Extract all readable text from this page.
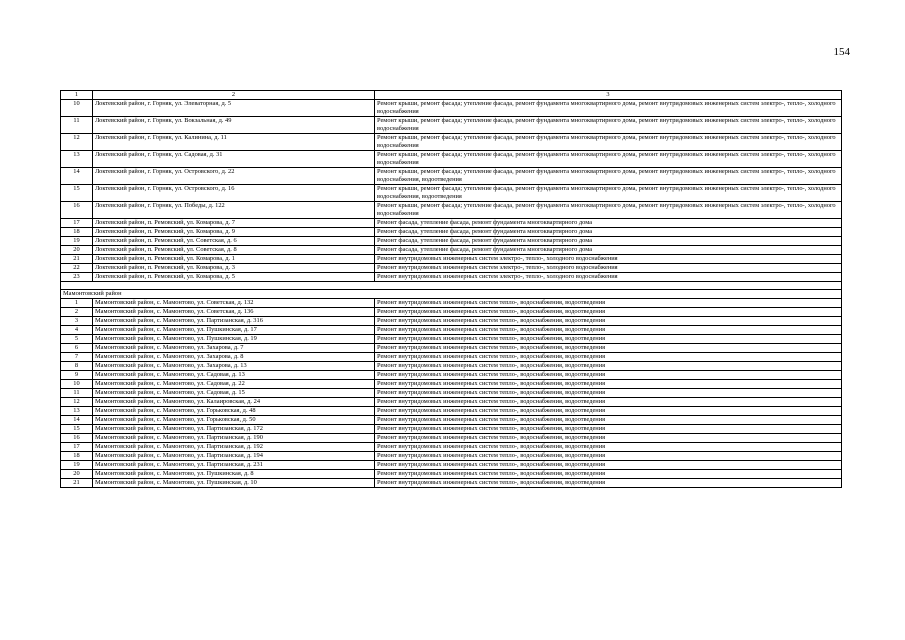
154
1	2	3
10	Локтевский район, г. Горняк, ул. Элеваторная, д. 5	Ремонт крыши, ремонт фасада; утепление фасада, ремонт фундамента многоквартирного дома, ремонт внутридомовых инженерных систем электро-, тепло-, холодного водоснабжения
11	Локтевский район, г. Горняк, ул. Вокзальная, д. 49	Ремонт крыши, ремонт фасада; утепление фасада, ремонт фундамента многоквартирного дома, ремонт внутридомовых инженерных систем электро-, тепло-, холодного водоснабжения
12	Локтевский район, г. Горняк, ул. Калинина, д. 11	Ремонт крыши, ремонт фасада; утепление фасада, ремонт фундамента многоквартирного дома, ремонт внутридомовых инженерных систем электро-, тепло-, холодного водоснабжения
13	Локтевский район, г. Горняк, ул. Садовая, д. 31	Ремонт крыши, ремонт фасада; утепление фасада, ремонт фундамента многоквартирного дома, ремонт внутридомовых инженерных систем электро-, тепло-, холодного водоснабжения
14	Локтевский район, г. Горняк, ул. Островского, д. 22	Ремонт крыши, ремонт фасада; утепление фасада, ремонт фундамента многоквартирного дома, ремонт внутридомовых инженерных систем электро-, тепло-, холодного водоснабжения, водоотведения
15	Локтевский район, г. Горняк, ул. Островского, д. 16	Ремонт крыши, ремонт фасада; утепление фасада, ремонт фундамента многоквартирного дома, ремонт внутридомовых инженерных систем электро-, тепло-, холодного водоснабжения, водоотведения
16	Локтевский район, г. Горняк, ул. Победы, д. 122	Ремонт крыши, ремонт фасада; утепление фасада, ремонт фундамента многоквартирного дома, ремонт внутридомовых инженерных систем электро-, тепло-, холодного водоснабжения
17	Локтевский район, п. Ремовский, ул. Комарова, д. 7	Ремонт фасада, утепление фасада, ремонт фундамента многоквартирного дома
18	Локтевский район, п. Ремовский, ул. Комарова, д. 9	Ремонт фасада, утепление фасада, ремонт фундамента многоквартирного дома
19	Локтевский район, п. Ремовский, ул. Советская, д. 6	Ремонт фасада, утепление фасада, ремонт фундамента многоквартирного дома
20	Локтевский район, п. Ремовский, ул. Советская, д. 8	Ремонт фасада, утепление фасада, ремонт фундамента многоквартирного дома
21	Локтевский район, п. Ремовский, ул. Комарова, д. 1	Ремонт внутридомовых инженерных систем электро-, тепло-, холодного водоснабжения
22	Локтевский район, п. Ремовский, ул. Комарова, д. 3	Ремонт внутридомовых инженерных систем электро-, тепло-, холодного водоснабжения
23	Локтевский район, п. Ремовский, ул. Комарова, д. 5	Ремонт внутридомовых инженерных систем электро-, тепло-, холодного водоснабжения

Мамонтовский район		
1	Мамонтовский район, с. Мамонтово, ул. Советская, д. 132	Ремонт внутридомовых инженерных систем тепло-, водоснабжения, водоотведения
2	Мамонтовский район, с. Мамонтово, ул. Советская, д. 136	Ремонт внутридомовых инженерных систем тепло-, водоснабжения, водоотведения
3	Мамонтовский район, с. Мамонтово, ул. Партизанская, д. 316	Ремонт внутридомовых инженерных систем тепло-, водоснабжения, водоотведения
4	Мамонтовский район, с. Мамонтово, ул. Пушкинская, д. 17	Ремонт внутридомовых инженерных систем тепло-, водоснабжения, водоотведения
5	Мамонтовский район, с. Мамонтово, ул. Пушкинская, д. 19	Ремонт внутридомовых инженерных систем тепло-, водоснабжения, водоотведения
6	Мамонтовский район, с. Мамонтово, ул. Захарова, д. 7	Ремонт внутридомовых инженерных систем тепло-, водоснабжения, водоотведения
7	Мамонтовский район, с. Мамонтово, ул. Захарова, д. 8	Ремонт внутридомовых инженерных систем тепло-, водоснабжения, водоотведения
8	Мамонтовский район, с. Мамонтово, ул. Захарова, д. 13	Ремонт внутридомовых инженерных систем тепло-, водоснабжения, водоотведения
9	Мамонтовский район, с. Мамонтово, ул. Садовая, д. 13	Ремонт внутридомовых инженерных систем тепло-, водоснабжения, водоотведения
10	Мамонтовский район, с. Мамонтово, ул. Садовая, д. 22	Ремонт внутридомовых инженерных систем тепло-, водоснабжения, водоотведения
11	Мамонтовский район, с. Мамонтово, ул. Садовая, д. 15	Ремонт внутридомовых инженерных систем тепло-, водоснабжения, водоотведения
12	Мамонтовский район, с. Мамонтово, ул. Калаировская, д. 24	Ремонт внутридомовых инженерных систем тепло-, водоснабжения, водоотведения
13	Мамонтовский район, с. Мамонтово, ул. Горьковская, д. 48	Ремонт внутридомовых инженерных систем тепло-, водоснабжения, водоотведения
14	Мамонтовский район, с. Мамонтово, ул. Горьковская, д. 50	Ремонт внутридомовых инженерных систем тепло-, водоснабжения, водоотведения
15	Мамонтовский район, с. Мамонтово, ул. Партизанская, д. 172	Ремонт внутридомовых инженерных систем тепло-, водоснабжения, водоотведения
16	Мамонтовский район, с. Мамонтово, ул. Партизанская, д. 190	Ремонт внутридомовых инженерных систем тепло-, водоснабжения, водоотведения
17	Мамонтовский район, с. Мамонтово, ул. Партизанская, д. 192	Ремонт внутридомовых инженерных систем тепло-, водоснабжения, водоотведения
18	Мамонтовский район, с. Мамонтово, ул. Партизанская, д. 194	Ремонт внутридомовых инженерных систем тепло-, водоснабжения, водоотведения
19	Мамонтовский район, с. Мамонтово, ул. Партизанская, д. 231	Ремонт внутридомовых инженерных систем тепло-, водоснабжения, водоотведения
20	Мамонтовский район, с. Мамонтово, ул. Пушкинская, д. 8	Ремонт внутридомовых инженерных систем тепло-, водоснабжения, водоотведения
21	Мамонтовский район, с. Мамонтово, ул. Пушкинская, д. 10	Ремонт внутридомовых инженерных систем тепло-, водоснабжения, водоотведения
